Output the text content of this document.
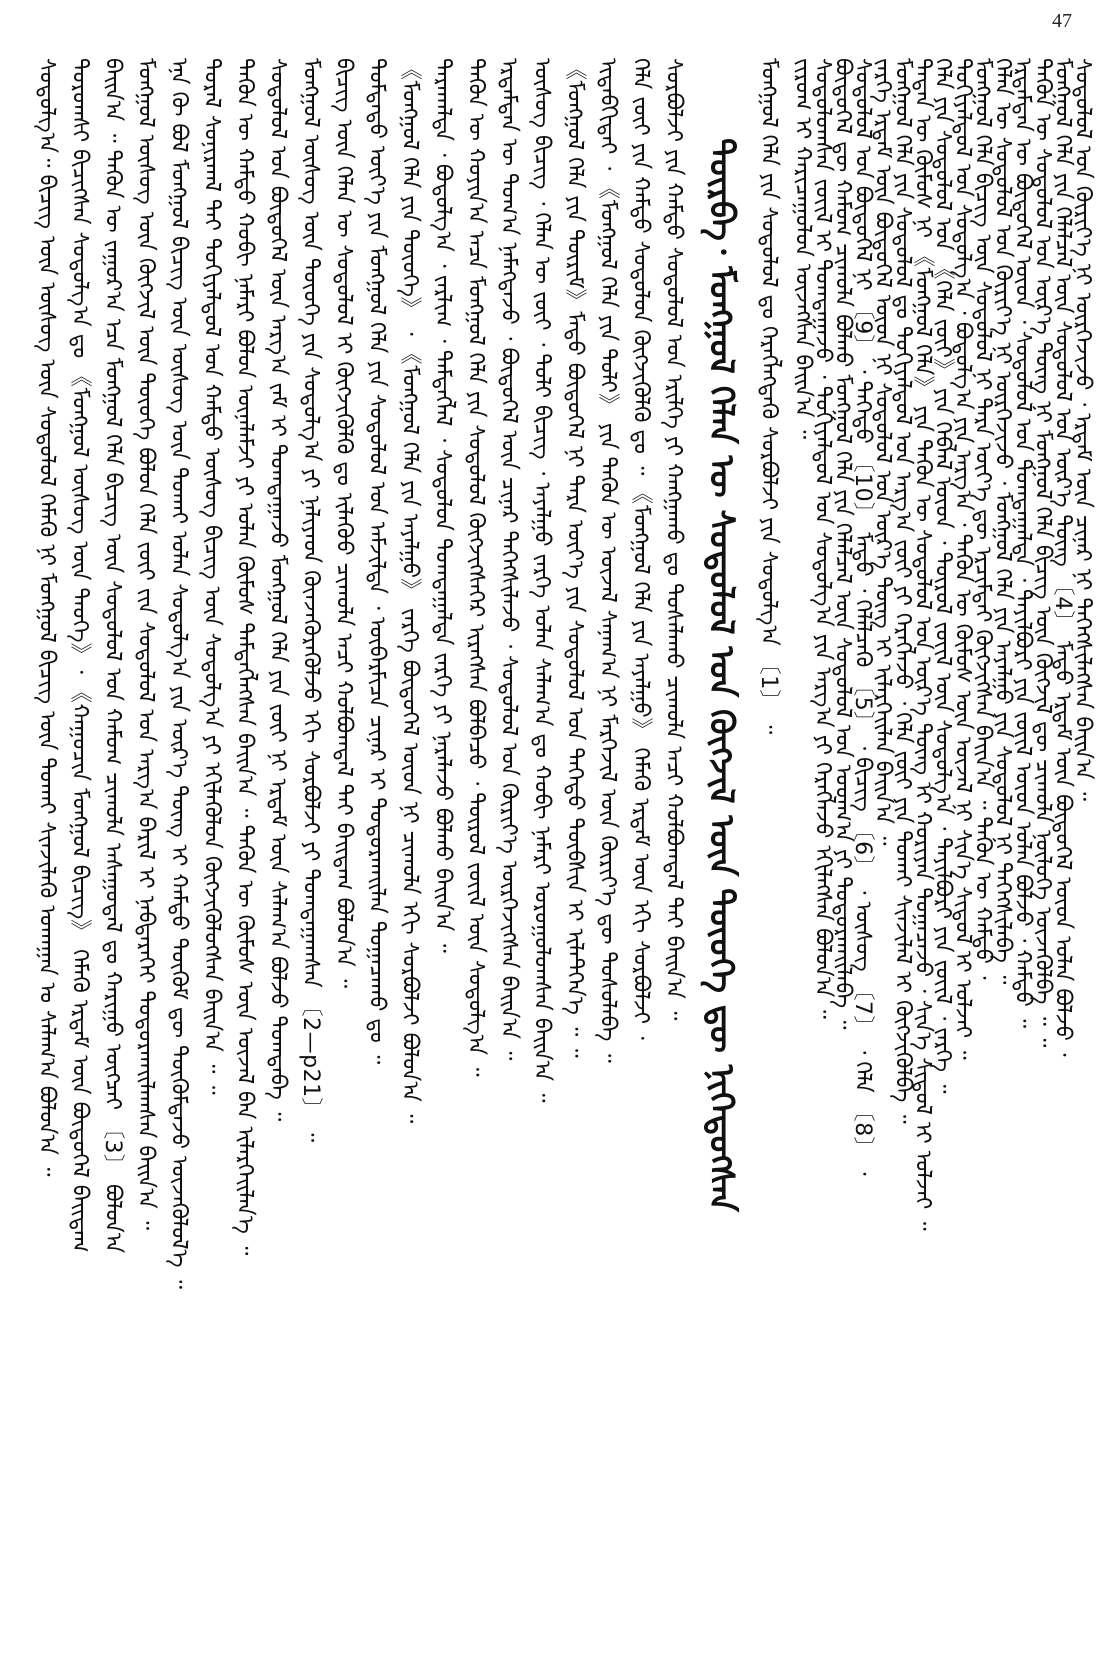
47
ᠰᠤᠳᠤᠯᠭ᠎ᠠ᠃ ᠪᠢᠴᠢᠭ᠌ ᠦᠨ ᠦᠰᠦᠭ ᠦᠨ ᠰᠤᠳᠤᠯᠤᠯ ᠬᠡᠮᠡᠬᠦ ᠨᠢ ᠮᠣᠩᠭᠣᠯ ᠪᠢᠴᠢᠭ᠌ ᠦᠨ ᠲᠤᠬᠠᠢ ᠰᠢᠨᠵᠢᠯᠡᠬᠦ ᠤᠬᠠᠭᠠᠨ ᠤ ᠰᠠᠯᠠᠭ᠎ᠠ ᠪᠣᠯᠤᠨ᠎ᠠ ᠃ ᠳᠣᠷᠤᠭᠰᠢ ᠪᠢᠴᠢᠭᠰᠡᠨ ᠰᠤᠳᠤᠯᠭ᠎ᠠ ᠳᠤ 《ᠮᠣᠩᠭᠣᠯ ᠦᠰᠦᠭ ᠦᠨ ᠲᠡᠦᠬᠡ》᠂ 《ᠬᠠᠭᠤᠴᠢᠨ ᠮᠣᠩᠭᠣᠯ ᠪᠢᠴᠢᠭ᠌》 ᠬᠡᠮᠡᠬᠦ ᠡᠷᠳᠡᠮ ᠦᠨ ᠪᠦᠲᠦᠭᠡᠯ ᠪᠠᠢᠳᠠᠭ ᠪᠠᠢᠨ᠎ᠠ ᠃ ᠲᠡᠭᠦᠨ ᠦ ᠵᠠᠭᠤᠷ᠎ᠠ ᠡᠴᠡ ᠮᠣᠩᠭᠣᠯ ᠬᠡᠯᠡ ᠪᠢᠴᠢᠭ᠌ ᠦᠨ ᠰᠤᠳᠤᠯᠤᠯ ᠤᠨ ᠬᠠᠮᠤᠭ ᠴᠢᠬᠤᠯᠠ ᠠᠰᠠᠭᠤᠳᠠᠯ ᠳᠤ ᠬᠠᠷᠢᠭᠤ ᠥᠭᠴᠡᠢ 〔3〕 ᠪᠣᠯᠤᠨ᠎ᠠ ᠮᠣᠩᠭᠣᠯ ᠦᠰᠦᠭ ᠦᠨ ᠬᠦᠭᠵᠢᠯ ᠦᠨ ᠲᠦᠦᠬᠡ ᠪᠣᠯᠤᠨ ᠬᠡᠯᠡ ᠵᠦᠢ ᠵᠢᠨ ᠰᠤᠳᠤᠯᠤᠯ ᠤᠨ ᠠᠷᠭ᠎ᠠ ᠪᠠᠷᠢᠯ ᠢ ᠨᠡᠪᠲᠡᠷᠡᠬᠡᠢ ᠲᠣᠳᠣᠷᠬᠠᠢᠯᠠᠭᠰᠠᠨ ᠪᠠᠢᠨ᠎ᠠ ᠃ ᠡᠨᠡ ᠬᠦ ᠪᠣᠯ ᠮᠣᠩᠭᠣᠯ ᠪᠢᠴᠢᠭ᠌ ᠦᠨ ᠦᠰᠦᠭ ᠦᠨ ᠲᠤᠬᠠᠢ ᠣᠯᠠᠨ ᠰᠤᠳᠤᠯᠭ᠎ᠠ ᠶᠢᠨ ᠦᠷ᠎ᠡ ᠳᠦᠩ ᠢ ᠬᠠᠮᠲᠤ ᠳᠦᠭᠦᠮ ᠳᠦ ᠳᠦᠭᠦᠮᠳᠡᠵᠦ ᠦᠵᠡᠭᠦᠯᠦᠯ᠎ᠡ ᠃ ᠳᠤᠷᠠᠯ ᠰᠣᠨᠢᠷᠬᠠᠯ ᠲᠠᠢ ᠲᠣᠬᠢᠶᠠᠯᠳᠤᠯ ᠤᠨ ᠬᠠᠮᠲᠤ ᠦᠰᠦᠭ ᠪᠢᠴᠢᠭ᠌ ᠦᠨ ᠰᠤᠳᠤᠯᠭ᠎ᠠ ᠶᠢ ᠡᠬᠢᠯᠡᠭᠦᠯᠦᠨ ᠬᠥᠭᠵᠢᠭᠦᠯᠦᠭᠰᠡᠨ ᠪᠠᠢᠨ᠎ᠠ ᠃ ᠃ ᠲᠡᠭᠦᠨ ᠦ ᠬᠠᠮᠲᠤ ᠬᠤᠪᠢ ᠨᠡᠮᠡᠷᠢ ᠪᠣᠯᠤᠨ ᠦᠨᠡᠯᠡᠮᠵᠢ ᠶᠢ ᠣᠯᠠᠨ ᠬᠦᠮᠦᠰ ᠲᠡᠮᠳᠡᠭᠯᠡᠭᠰᠡᠨ ᠪᠠᠢᠨ᠎ᠠ ᠃ ᠲᠡᠭᠦᠨ ᠦ ᠬᠦᠮᠦᠰ ᠦᠨ ᠦᠵᠡᠯ ᠪᠠᠨ ᠢᠯᠡᠷᠬᠡᠢᠯᠡᠨ᠎ᠡ ᠃ ᠰᠤᠳᠤᠯᠤᠯ ᠤᠨ ᠪᠦᠲᠦᠭᠡᠯ ᠦᠨ ᠠᠷᠭ᠎ᠠ ᠵᠠᠮ ᠢ ᠲᠣᠭᠲᠠᠭᠠᠵᠤ ᠮᠣᠩᠭᠣᠯ ᠬᠡᠯᠡ ᠶᠢᠨ ᠵᠦᠢ ᠨᠢ ᠡᠷᠳᠡᠮ ᠦᠨ ᠰᠠᠯᠠᠭ᠎ᠠ ᠪᠣᠯᠵᠤ ᠲᠣᠭᠲᠠᠪᠠ ᠃ ᠮᠣᠩᠭᠣᠯ ᠦᠰᠦᠭ ᠦᠨ ᠲᠦᠦᠬᠡ ᠶᠢᠨ ᠰᠤᠳᠤᠯᠭ᠎ᠠ ᠶᠢ ᠨᠡᠯᠢᠶᠡᠳ ᠭᠦᠨᠵᠡᠭᠦᠷᠡᠭᠦᠯᠵᠦ ᠡᠬᠢ ᠰᠤᠷᠪᠤᠯᠵᠢ ᠶᠢ ᠲᠣᠭᠲᠠᠭᠠᠭᠰᠠᠨ 〔2—p21〕 ᠃ ᠪᠢᠴᠢᠭ᠌ ᠦᠨ ᠬᠡᠯᠡᠨ ᠦ ᠰᠤᠳᠤᠯᠤᠯ ᠢ ᠬᠥᠭᠵᠢᠭᠦᠯᠬᠦ ᠳᠤ ᠢᠯᠡᠭᠦᠦ ᠴᠢᠬᠤᠯᠠ ᠠᠴᠢ ᠬᠣᠯᠪᠣᠭᠳᠠᠯ ᠲᠠᠢ ᠪᠠᠢᠳᠠᠭ ᠪᠣᠯᠤᠨ᠎ᠠ ᠃ ᠳᠤᠮᠳᠠᠳᠤ ᠦᠶ᠎ᠡ ᠶᠢᠨ ᠮᠣᠩᠭᠣᠯ ᠬᠡᠯᠡ ᠶᠢᠨ ᠰᠤᠳᠤᠯᠤᠯ ᠤᠨ ᠠᠮᠵᠢᠯᠲᠠ ᠂ ᠥᠪᠡᠷᠮᠢᠴᠡ ᠴᠢᠨᠠᠷ ᠢ ᠲᠣᠳᠣᠷᠬᠠᠢᠯᠠᠨ ᠲᠣᠭᠠᠴᠠᠬᠤ ᠳᠤ ᠃ 《ᠮᠣᠩᠭᠣᠯ ᠬᠡᠯᠡ ᠶᠢᠨ ᠲᠦᠦᠬᠡ》 ᠂ 《ᠮᠣᠩᠭᠣᠯ ᠬᠡᠯᠡ ᠶᠢᠨ ᠠᠶᠠᠯᠭᠤ》 ᠵᠡᠷᠭᠡ ᠪᠦᠲᠦᠭᠡᠯ ᠦᠳ ᠨᠢ ᠴᠢᠬᠤᠯᠠ ᠡᠬᠢ ᠰᠤᠷᠪᠤᠯᠵᠢ ᠪᠣᠯᠣᠨ᠎ᠠ ᠃ ᠲᠠᠷᠠᠬᠠᠯᠲᠠ ᠂ ᠪᠣᠳᠤᠯᠭ᠎ᠠ ᠂ ᠵᠠᠷᠯᠢᠭ ᠂ ᠲᠡᠮᠳᠡᠭᠯᠡᠯ ᠂ ᠰᠤᠳᠤᠯᠤᠨ ᠲᠣᠭᠲᠠᠭᠠᠯᠲᠠ ᠵᠡᠷᠭᠡ ᠶᠢ ᠨᠡᠷᠡᠯᠡᠵᠦ ᠪᠣᠯᠬᠤ ᠪᠠᠢᠨ᠎ᠠ ᠃ ᠲᠡᠭᠦᠨ ᠦ ᠬᠣᠶᠢᠨ᠎ᠠ ᠠᠴᠠ ᠮᠣᠩᠭᠣᠯ ᠬᠡᠯᠡ ᠶᠢᠨ ᠰᠤᠳᠤᠯᠤᠯ ᠬᠥᠭᠵᠢᠭᠰᠡᠭᠡᠷ ᠢᠷᠡᠭᠰᠡᠨ ᠪᠣᠯᠪᠠᠴᠤ ᠂ ᠲᠥᠷᠦᠯ ᠵᠦᠢᠯ ᠦᠨ ᠰᠤᠳᠤᠯᠭ᠎ᠠ ᠃ ᠡᠷᠳᠡᠮᠲᠡᠨ ᠦ ᠲᠣᠭ᠎ᠠ ᠨᠡᠮᠡᠭᠳᠡᠵᠦ ᠂ ᠪᠦᠲᠦᠭᠡᠯ ᠦᠨ ᠴᠢᠨᠠᠷ ᠳᠡᠭᠡᠭᠰᠢᠯᠡᠵᠦ ᠂ ᠰᠤᠳᠤᠯᠤᠯ ᠤᠨ ᠬᠦᠷᠢᠶ᠎ᠡ ᠥᠷᠭᠡᠵᠢᠭᠰᠡᠨ ᠪᠠᠢᠨ᠎ᠠ ᠃ ᠦᠰᠦᠭ ᠪᠢᠴᠢᠭ᠌ ᠂ ᠬᠡᠯᠡᠨ ᠦ ᠵᠦᠢ ᠂ ᠲᠣᠯᠢ ᠪᠢᠴᠢᠭ᠌ ᠂ ᠠᠶᠠᠯᠭᠤ ᠵᠡᠷᠭᠡ ᠣᠯᠠᠨ ᠰᠠᠯᠠᠭ᠎ᠠ ᠳᠤ ᠬᠤᠪᠢ ᠨᠡᠮᠡᠷᠢ ᠣᠷᠤᠭᠤᠯᠤᠭᠰᠠᠨ ᠪᠠᠢᠨ᠎ᠠ ᠃ 《ᠮᠣᠩᠭᠣᠯ ᠬᠡᠯᠡ ᠶᠢᠨ ᠳᠦᠷᠢᠮ》ᠮᠡᠲᠦ ᠪᠦᠲᠦᠭᠡᠯ ᠨᠢ ᠲᠡᠷᠡ ᠦᠶ᠎ᠡ ᠶᠢᠨ ᠰᠤᠳᠤᠯᠤᠯ ᠤᠨ ᠳᠡᠭᠡᠳᠦ ᠲᠦᠪᠰᠢᠨ ᠢ ᠢᠯᠡᠲᠭᠡᠨ᠎ᠡ ᠃ ᠃ ᠢᠳᠡᠪᠬᠢᠲᠡᠢ ᠂ 《ᠮᠣᠩᠭᠣᠯ ᠬᠡᠯᠡ ᠶᠢᠨ ᠲᠣᠯᠢ》 ᠶᠢᠨ ᠲᠡᠭᠦᠨ ᠦ ᠦᠵᠡᠯ ᠰᠠᠨᠠᠭ᠎ᠠ ᠨᠢ ᠮᠡᠷᠭᠡᠵᠢᠯ ᠦᠨ ᠬᠦᠷᠢᠶ᠎ᠡ ᠳᠦ ᠲᠤᠰᠤᠯᠠᠪᠠ ᠃ ᠬᠡᠯᠡ ᠵᠦᠢ ᠶᠢᠨ ᠬᠠᠮᠲᠤ ᠰᠤᠳᠤᠯᠤᠨ ᠬᠥᠭᠵᠢᠭᠦᠯᠬᠦ ᠳᠤ ᠃ 《ᠮᠣᠩᠭᠣᠯ ᠬᠡᠯᠡ ᠶᠢᠨ ᠠᠶᠠᠯᠭᠤ》 ᠬᠡᠮᠡᠬᠦ ᠡᠷᠳᠡᠮ ᠦᠨ ᠡᠬᠢ ᠰᠤᠷᠪᠤᠯᠵᠢ ᠂ ᠰᠤᠷᠪᠤᠯᠵᠢ ᠶᠢᠨ ᠬᠠᠮᠲᠤ ᠰᠤᠳᠤᠯᠤᠯ ᠤᠨ ᠡᠷᠢᠯᠬᠡ ᠶᠢ ᠬᠠᠩᠭᠠᠬᠤ ᠳᠤ ᠲᠤᠰᠠᠯᠠᠬᠤ ᠴᠢᠬᠤᠯᠠ ᠠᠴᠢ ᠬᠣᠯᠪᠣᠭᠳᠠᠯ ᠲᠠᠢ ᠪᠠᠢᠨ᠎ᠠ ᠃ ᠳᠥᠷᠪᠡ᠂ ᠮᠣᠩᠭᠣᠯ ᠬᠡᠯᠡᠨ ᠦ ᠰᠤᠳᠤᠯᠤᠯ ᠤᠨ ᠬᠥᠭᠵᠢᠯ ᠦᠨ ᠲᠦᠦᠬᠡ ᠳᠦ ᠨᠢᠭᠡᠳᠦᠭᠰᠡᠨ ᠮᠣᠩᠭᠣᠯ ᠬᠡᠯᠡ ᠶᠢᠨ ᠰᠤᠳᠤᠯᠤᠯ ᠳᠤ ᠬᠡᠷᠡᠭᠯᠡᠭᠳᠡᠬᠦ ᠰᠤᠷᠪᠤᠯᠵᠢ ᠶᠢᠨ ᠰᠤᠳᠤᠯᠭ᠎ᠠ 〔1〕 ᠃ ᠵᠢᠷᠤᠭ ᠢ ᠬᠠᠷᠢᠴᠠᠭᠤᠯᠤᠨ ᠦᠵᠡᠭᠰᠡᠨ ᠪᠠᠢᠨ᠎ᠠ ᠃
ᠰᠤᠳᠤᠯᠤᠭᠰᠠᠨ ᠵᠦᠢᠯ ᠢ ᠲᠣᠭᠲᠠᠭᠠᠵᠤ ᠂ ᠲᠣᠬᠢᠶᠠᠯᠳᠤᠯ ᠤᠨ ᠰᠤᠳᠤᠯᠭ᠎ᠠ ᠶᠢᠨ ᠠᠷᠭ᠎ᠠ ᠶᠢ ᠬᠡᠷᠡᠭᠯᠡᠵᠦ ᠡᠬᠢᠯᠡᠭᠰᠡᠨ ᠪᠣᠯᠤᠨ᠎ᠠ ᠃
ᠪᠦᠲᠦᠭᠡᠯ ᠳᠦ ᠬᠠᠮᠤᠭ ᠴᠢᠬᠤᠯᠠ ᠪᠣᠯᠬᠤ ᠮᠣᠩᠭᠣᠯ ᠬᠡᠯᠡ ᠶᠢᠨ ᠬᠡᠯᠡᠯᠴᠡᠯ ᠦᠨ ᠰᠤᠳᠤᠯᠤᠯ ᠤᠨ ᠤᠳᠬ᠎ᠠ ᠶᠢ ᠲᠣᠳᠣᠷᠬᠠᠢᠯᠠᠪᠠ ᠃
ᠰᠤᠳᠤᠯᠤᠯ ᠤᠨ ᠪᠦᠲᠦᠭᠡᠯ ᠨᠢ 〔9〕 ᠂ ᠳᠡᠭᠡᠳᠦ 〔10〕 ᠮᠡᠲᠦ ᠂ ᠬᠡᠯᠡᠯᠴᠡᠬᠦ 〔5〕 ᠂ ᠪᠢᠴᠢᠭ᠌ 〔6〕 ᠂ ᠦᠰᠦᠭ 〔7〕 ᠂ ᠬᠡᠯᠡ 〔8〕 ᠂
ᠵᠡᠷᠭᠡ ᠡᠷᠳᠡᠮ ᠦᠨ ᠪᠦᠲᠦᠭᠡᠯ ᠦᠳ ᠨᠢ ᠰᠤᠳᠤᠯᠤᠯ ᠤᠨ ᠦᠷ᠎ᠡ ᠳᠦᠩ ᠢ ᠢᠯᠡᠷᠬᠡᠢᠯᠡᠨ ᠪᠠᠢᠨ᠎ᠠ ᠃
ᠮᠣᠩᠭᠣᠯ ᠬᠡᠯᠡ ᠶᠢᠨ ᠰᠤᠳᠤᠯᠤᠯ ᠳᠤ ᠲᠣᠬᠢᠶᠠᠯᠳᠤᠯ ᠤᠨ ᠠᠷᠭ᠎ᠠ ᠵᠦᠢ ᠶᠢ ᠬᠡᠷᠡᠭᠯᠡᠵᠦ ᠂ ᠬᠡᠯᠡ ᠵᠦᠢ ᠶᠢᠨ ᠲᠤᠬᠠᠢ ᠰᠢᠨᠵᠢᠯᠡᠯ ᠢ ᠬᠦᠭᠵᠢᠭᠦᠯᠪᠡ ᠃
ᠲᠡᠳᠡᠨ ᠦ ᠬᠦᠮᠦᠰ ᠨᠢ 《ᠮᠣᠩᠭᠣᠯ ᠬᠡᠯᠡ》 ᠶᠢᠨ ᠲᠡᠭᠦᠨ ᠦ ᠰᠤᠳᠤᠯᠤᠯ ᠤᠨ ᠦᠷ᠎ᠡ ᠳᠦᠩ ᠢ ᠬᠣᠷᠢᠶᠠᠨ ᠲᠣᠭᠠᠴᠠᠵᠤ ᠂ ᠰᠢᠨ᠎ᠡ ᠰᠢᠳᠦᠯ ᠢ ᠣᠯᠵᠠᠢ ᠃
ᠬᠡᠯᠡ ᠶᠢᠨ ᠰᠤᠳᠤᠯᠤᠯ ᠤᠨ 《ᠬᠡᠯᠡ ᠵᠦᠢ》 ᠶᠢᠨ ᠬᠡᠪᠯᠡᠯ ᠦᠳ ᠂ ᠲᠥᠷᠦᠯ ᠵᠦᠢᠯ ᠦᠨ ᠰᠤᠳᠤᠯᠭ᠎ᠠ ᠂ ᠲᠠᠶᠢᠯᠪᠤᠷᠢ ᠶᠢᠨ ᠵᠦᠢᠯ ᠂ ᠵᠡᠷᠭᠡ ᠃
ᠲᠣᠬᠢᠶᠠᠯᠳᠤᠯ ᠤᠨ ᠰᠤᠳᠤᠯᠭ᠎ᠠ ᠂ ᠪᠣᠳᠤᠯᠭ᠎ᠠ ᠶᠢᠨ ᠠᠷᠭ᠎ᠠ ᠂ ᠲᠡᠭᠦᠨ ᠦ ᠬᠦᠮᠦᠰ ᠦᠨ ᠦᠵᠡᠯ ᠨᠢ ᠰᠢᠨ᠎ᠡ ᠰᠢᠳᠦᠯ ᠢ ᠣᠯᠵᠠᠢ ᠃
ᠮᠣᠩᠭᠣᠯ ᠬᠡᠯᠡ ᠪᠢᠴᠢᠭ᠌ ᠦᠨ ᠰᠤᠳᠤᠯᠤᠯ ᠨᠢ ᠲᠡᠷᠡ ᠦᠶ᠎ᠡ ᠳᠦ ᠡᠷᠴᠢᠮᠲᠡᠢ ᠬᠥᠭᠵᠢᠭᠰᠡᠨ ᠪᠠᠢᠨ᠎ᠠ ᠃ ᠲᠡᠭᠦᠨ ᠦ ᠬᠠᠮᠲᠤ ᠂
ᠬᠡᠯᠡᠨ ᠦ ᠰᠤᠳᠤᠯᠤᠯ ᠤᠨ ᠬᠦᠷᠢᠶ᠎ᠡ ᠨᠢ ᠥᠷᠭᠡᠵᠢᠵᠦ ᠂ ᠮᠣᠩᠭᠣᠯ ᠬᠡᠯᠡ ᠶᠢᠨ ᠠᠶᠠᠯᠭᠤ ᠶᠢᠨ ᠰᠤᠳᠤᠯᠤᠯ ᠨᠢ ᠳᠡᠭᠡᠭᠰᠢᠯᠡᠪᠡ ᠃
ᠡᠷᠳᠡᠮᠲᠡᠨ ᠦ ᠪᠦᠲᠦᠭᠡᠯ ᠦᠳ ᠂ ᠰᠤᠳᠤᠯᠤᠯ ᠤᠨ ᠲᠣᠭᠲᠠᠭᠠᠯᠲᠠ ᠂ ᠲᠠᠶᠢᠯᠪᠤᠷᠢ ᠶᠢᠨ ᠵᠦᠢᠯ ᠦᠳ ᠣᠯᠠᠨ ᠪᠣᠯᠵᠤ ᠂ ᠬᠠᠮᠲᠤ ᠃
ᠲᠡᠭᠦᠨ ᠦ ᠰᠤᠳᠤᠯᠤᠯ ᠤᠨ ᠦᠷ᠎ᠡ ᠳᠦᠩ ᠨᠢ ᠮᠣᠩᠭᠣᠯ ᠬᠡᠯᠡ ᠪᠢᠴᠢᠭ᠌ ᠦᠨ ᠬᠥᠭᠵᠢᠯ ᠳᠦ ᠴᠢᠬᠤᠯᠠ ᠨᠥᠯᠦᠭᠡ ᠦᠵᠡᠭᠦᠯᠪᠡ ᠃ ᠃
ᠮᠣᠩᠭᠣᠯ ᠬᠡᠯᠡ ᠶᠢᠨ ᠬᠡᠯᠡᠯᠴᠡᠯ ᠦᠨ ᠰᠤᠳᠤᠯᠤᠯ ᠤᠨ ᠦᠷ᠎ᠡ ᠳᠦᠩ 〔4〕 ᠮᠡᠲᠦ ᠡᠷᠳᠡᠮ ᠦᠨ ᠪᠦᠲᠦᠭᠡᠯ ᠦᠳ ᠣᠯᠠᠨ ᠪᠣᠯᠵᠤ ᠂
ᠰᠤᠳᠤᠯᠤᠯ ᠤᠨ ᠬᠦᠷᠢᠶ᠎ᠡ ᠨᠢ ᠥᠷᠭᠡᠵᠢᠵᠦ ᠂ ᠡᠷᠳᠡᠮ ᠦᠨ ᠴᠢᠨᠠᠷ ᠨᠢ ᠳᠡᠭᠡᠭᠰᠢᠯᠡᠭᠰᠡᠨ ᠪᠠᠢᠨ᠎ᠠ ᠃
